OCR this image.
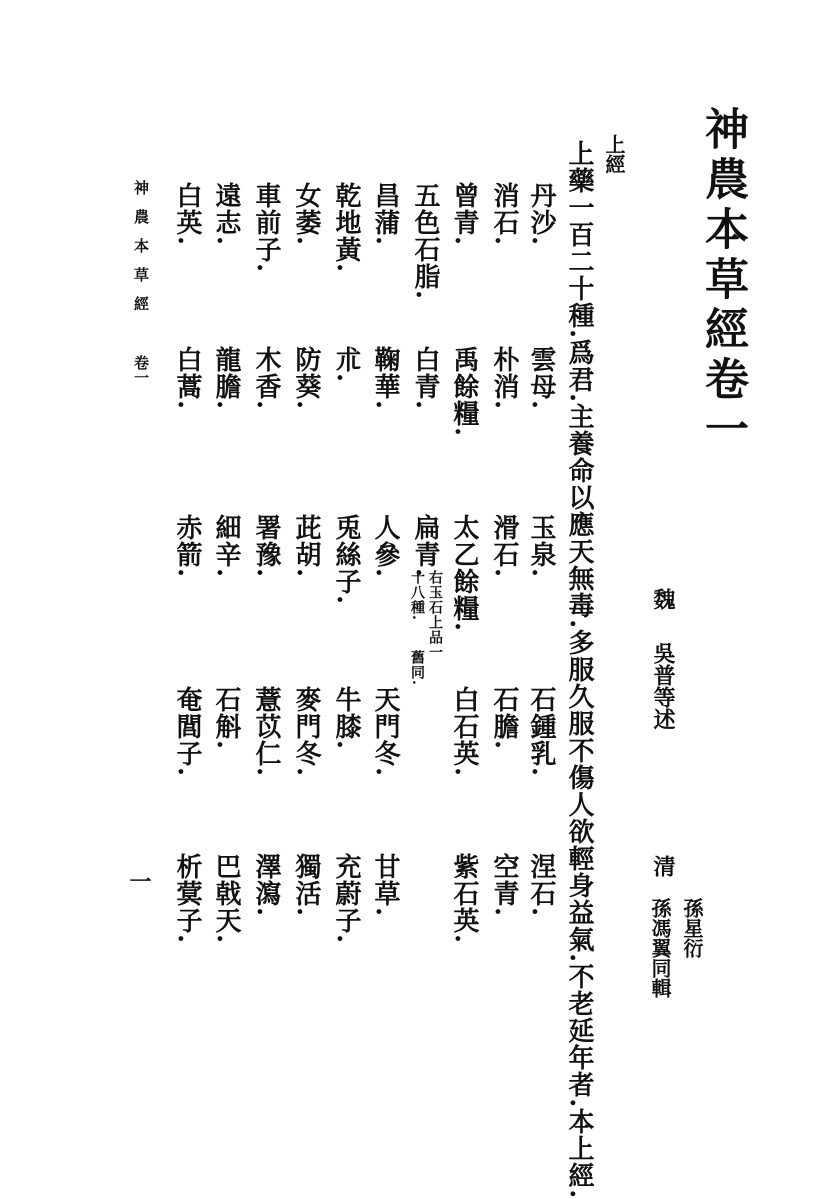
神農本草經卷一
魏
吳普等述
清
孫星衍
孫馮翼同輯
上經
上藥一百二十種.爲君.主養命以應天無毒.多服久服不傷人欲輕身益氣.不老延年者.本上經.
丹沙.
雲母.
玉泉.
石鍾乳.
涅石.
消石.
朴消.
滑石.
石膽.
空青.
曾青.
禹餘糧.
太乙餘糧.
白石英.
紫石英.
五色石脂.
白青.
扁青.
右玉石上品一
十八種.
舊同.
昌蒲.
鞠華.
人參.
天門冬.
甘草.
乾地黃.
朮.
兎絲子.
牛膝.
充蔚子.
女萎.
防葵.
茈胡.
麥門冬.
獨活.
車前子.
木香.
署豫.
薏苡仁.
澤瀉.
遠志.
龍膽.
細辛.
石斛.
巴戟天.
白英.
白蒿.
赤箭.
奄閭子.
析蓂子.
神農本草經
卷一
一
